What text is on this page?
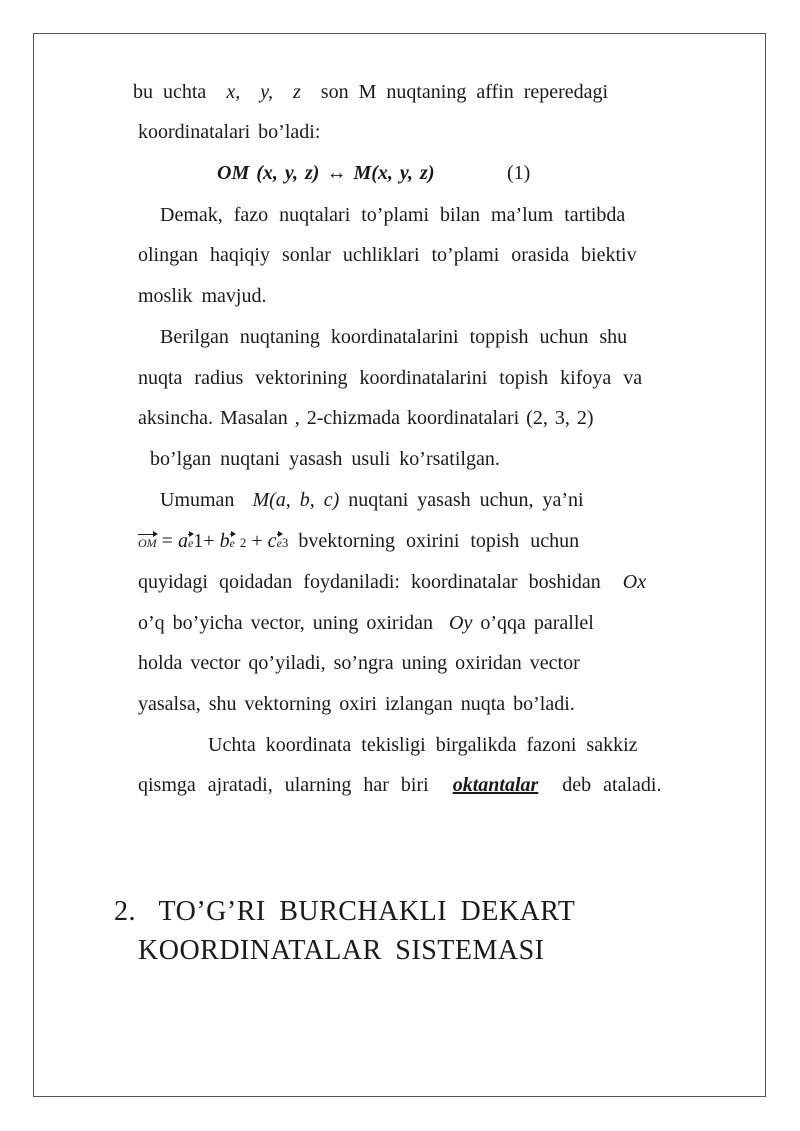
bu uchta x, y, z son M nuqtaning affin reperedagi
koordinatalari bo’ladi:
OM (x, y, z) ↔ M(x, y, z)	(1)
Demak, fazo nuqtalari to’plami bilan ma’lum tartibda
olingan haqiqiy sonlar uchliklari to’plami orasida biektiv
moslik mavjud.
Berilgan nuqtaning koordinatalarini toppish uchun shu
nuqta radius vektorining koordinatalarini topish kifoya va
aksincha. Masalan , 2-chizmada koordinatalari (2, 3, 2)
bo’lgan nuqtani yasash usuli ko’rsatilgan.
Umuman M(a, b, c) nuqtani yasash uchun, ya’ni
OM = ae1+ be 2 + ce3 bvektorning oxirini topish uchun
quyidagi qoidadan foydaniladi: koordinatalar boshidan Ox
o’q bo’yicha vector, uning oxiridan Oy o’qqa parallel
holda vector qo’yiladi, so’ngra uning oxiridan vector
yasalsa, shu vektorning oxiri izlangan nuqta bo’ladi.
Uchta koordinata tekisligi birgalikda fazoni sakkiz
qismga ajratadi, ularning har biri oktantalar deb ataladi.
2. TO’G’RI BURCHAKLI DEKART
KOORDINATALAR SISTEMASI
